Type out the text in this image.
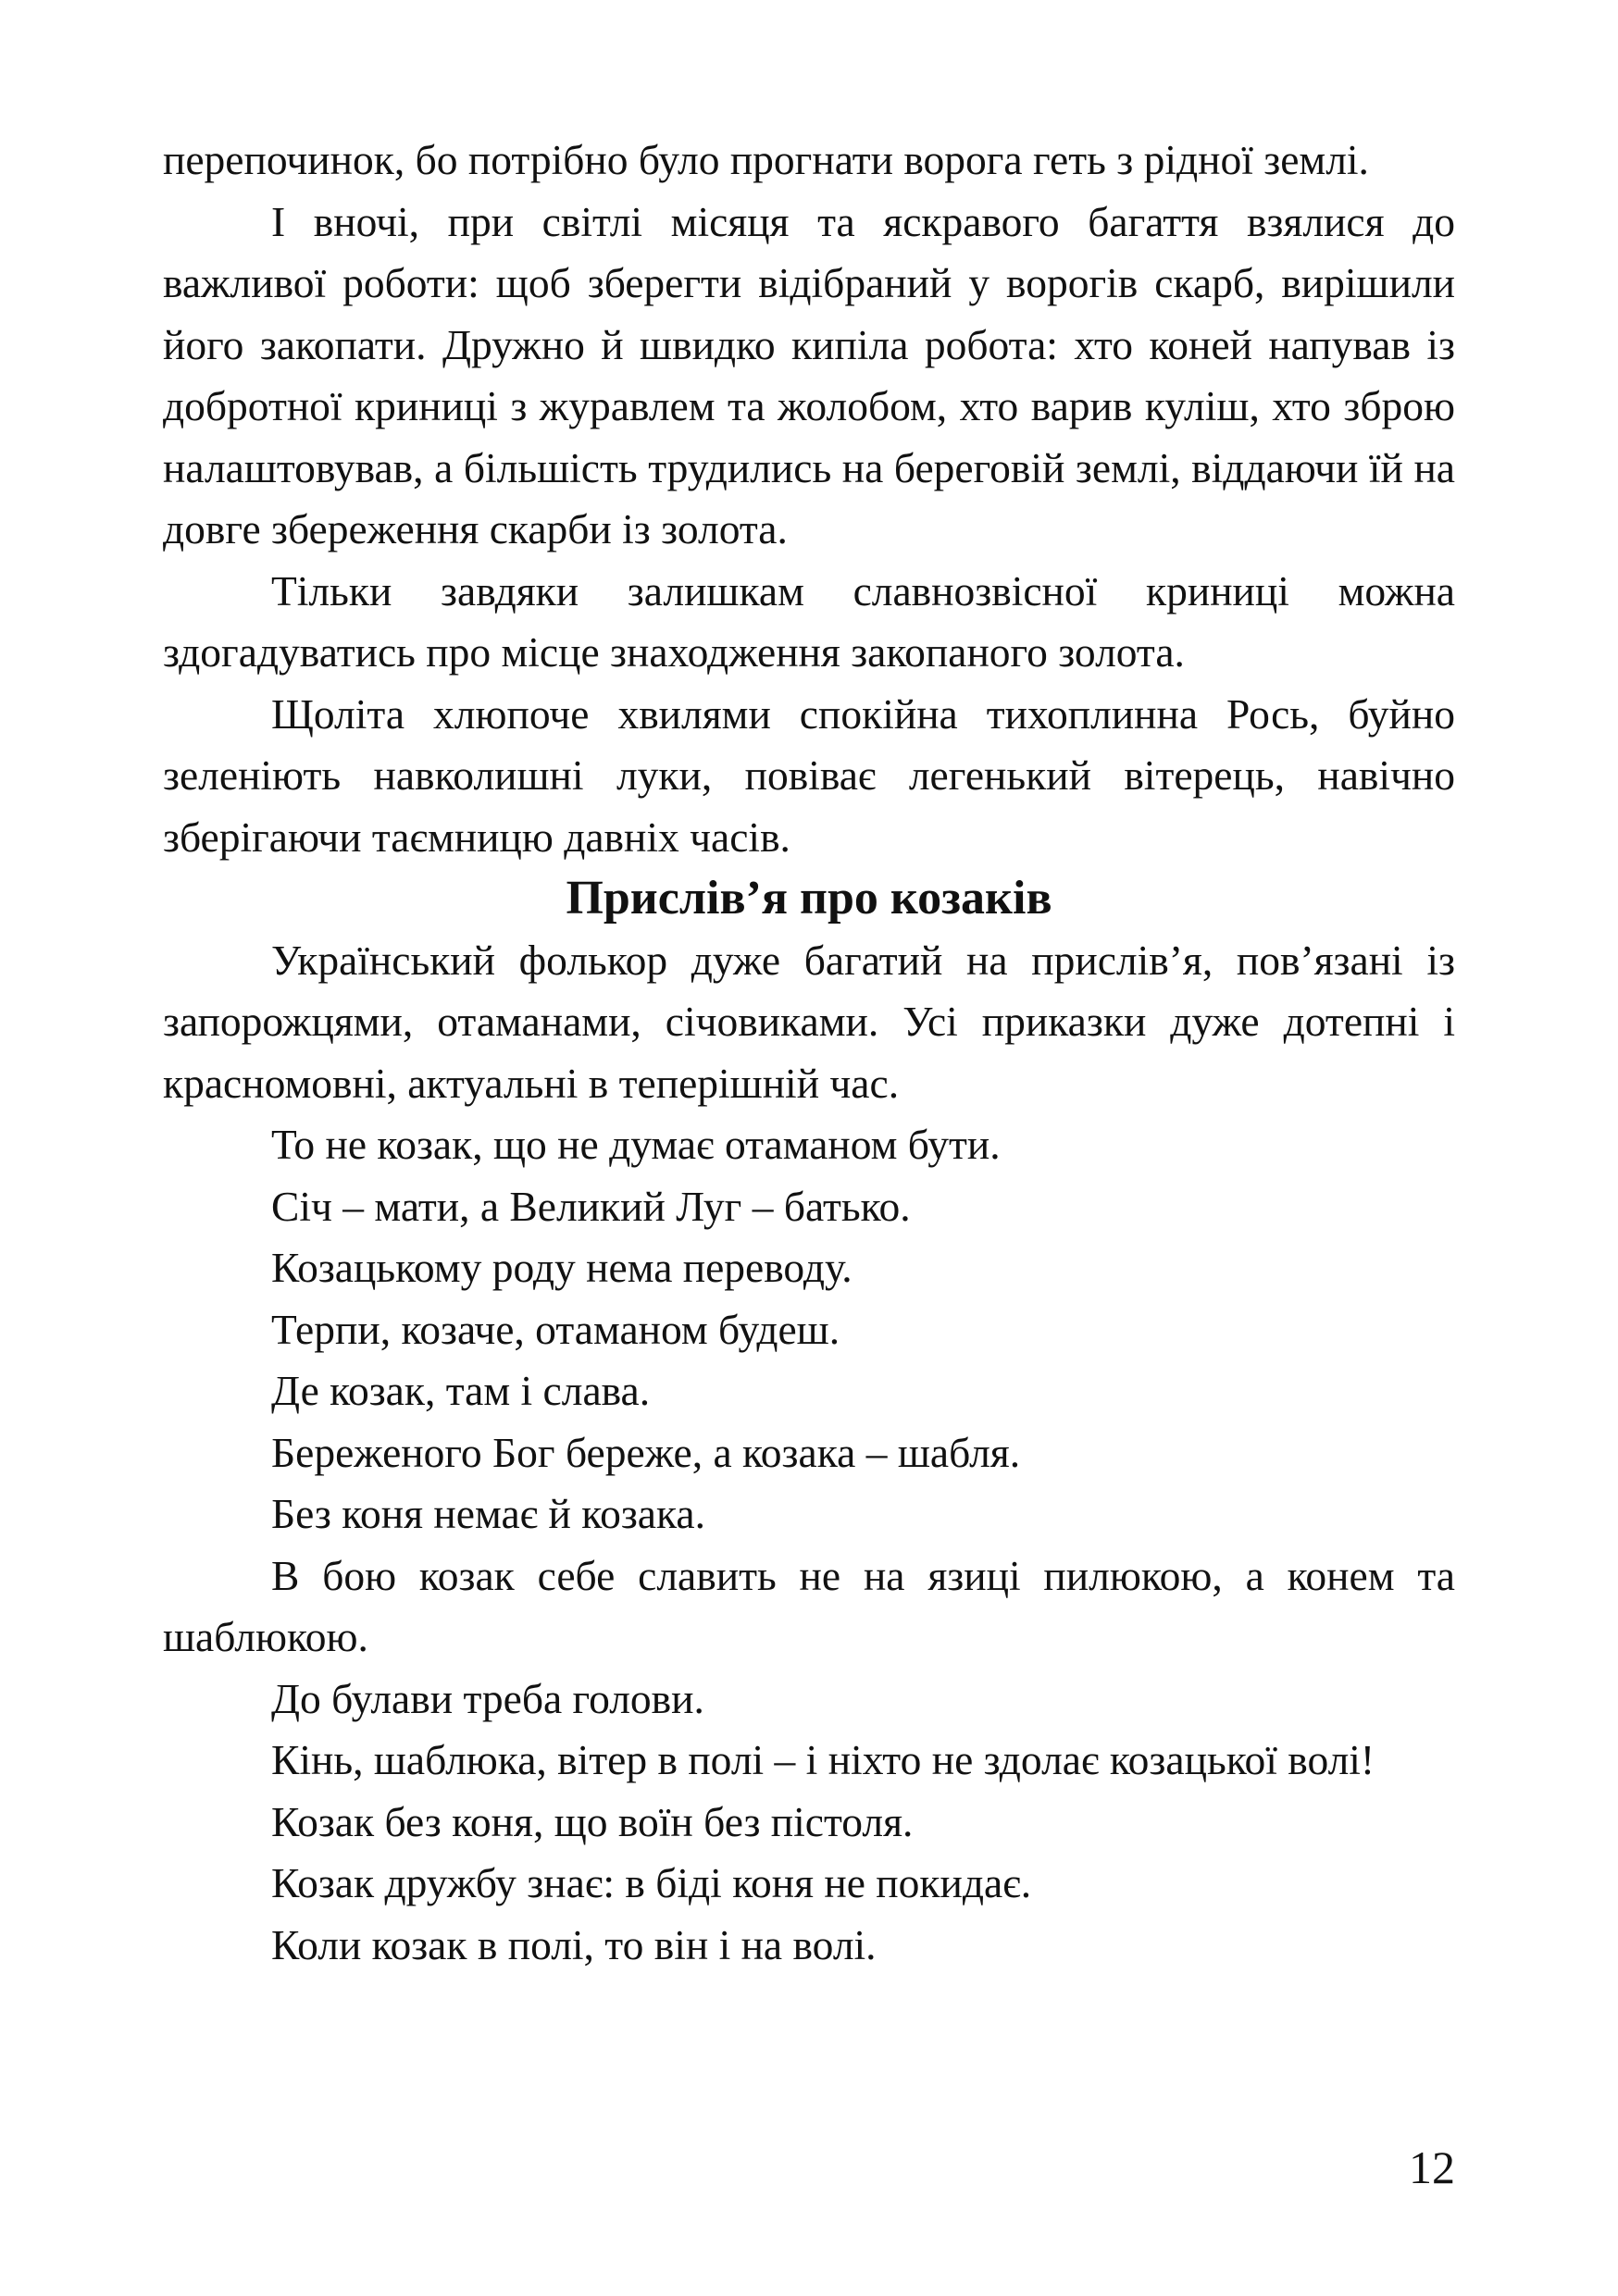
перепочинок, бо потрібно було прогнати ворога геть з рідної землі.

І вночі, при світлі місяця та яскравого багаття взялися до важливої роботи: щоб зберегти відібраний у ворогів скарб, вирішили його закопати. Дружно й швидко кипіла робота: хто коней напував із добротної криниці з журавлем та жолобом, хто варив куліш, хто зброю налаштовував, а більшість трудились на береговій землі, віддаючи їй на довге збереження скарби із золота.

Тільки завдяки залишкам славнозвісної криниці можна здогадуватись про місце знаходження закопаного золота.

Щоліта хлюпоче хвилями спокійна тихоплинна Рось, буйно зеленіють навколишні луки, повіває легенький вітерець, навічно зберігаючи таємницю давніх часів.

Прислів’я про козаків

Український фолькор дуже багатий на прислів’я, пов’язані із запорожцями, отаманами, січовиками. Усі приказки дуже дотепні і красномовні, актуальні в теперішній час.

То не козак, що не думає отаманом бути.

Січ – мати, а Великий Луг – батько.

Козацькому роду нема переводу.

Терпи, козаче, отаманом будеш.

Де козак, там і слава.

Береженого Бог береже, а козака – шабля.

Без коня немає й козака.

В бою козак себе славить не на язиці пилюкою, а конем та шаблюкою.

До булави треба голови.

Кінь, шаблюка, вітер в полі – і ніхто не здолає козацької волі!

Козак без коня, що воїн без пістоля.

Козак дружбу знає: в біді коня не покидає.

Коли козак в полі, то він і на волі.

12
